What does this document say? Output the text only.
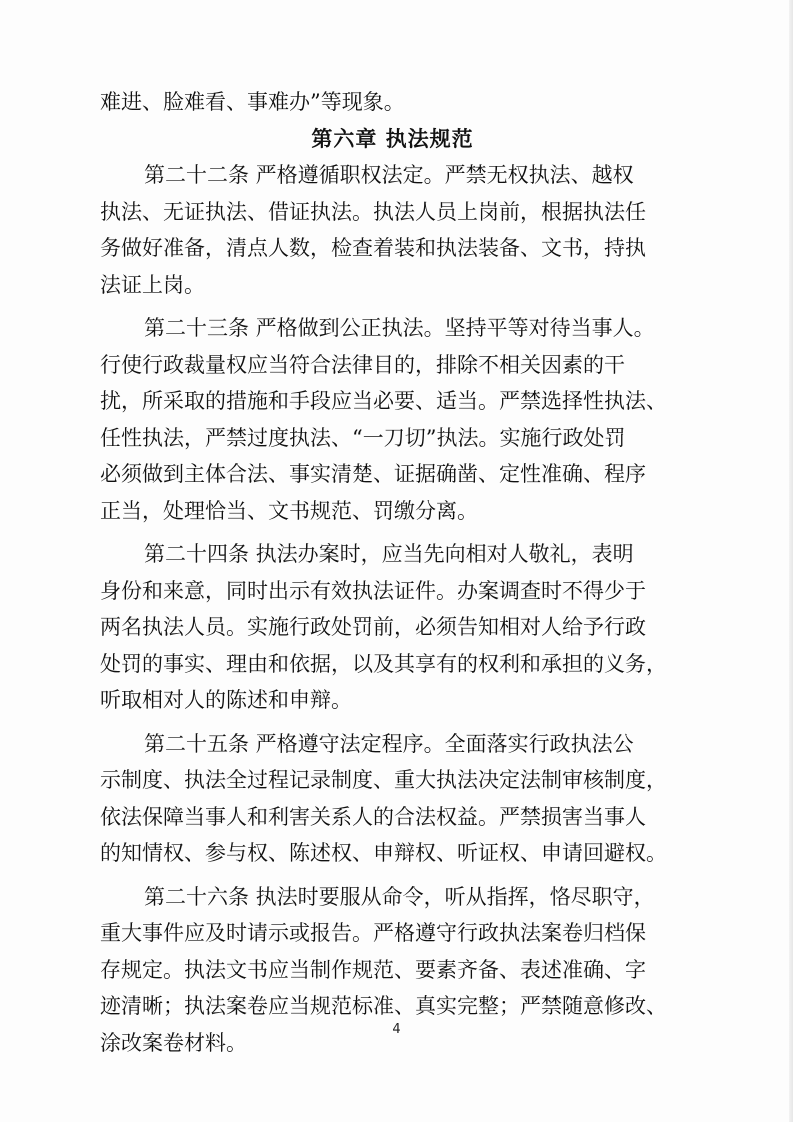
难进、脸难看、事难办”等现象。
第六章 执法规范
第二十二条 严格遵循职权法定。严禁无权执法、越权
执法、无证执法、借证执法。执法人员上岗前，根据执法任
务做好准备，清点人数，检查着装和执法装备、文书，持执
法证上岗。
第二十三条 严格做到公正执法。坚持平等对待当事人。
行使行政裁量权应当符合法律目的，排除不相关因素的干
扰，所采取的措施和手段应当必要、适当。严禁选择性执法、
任性执法，严禁过度执法、“一刀切”执法。实施行政处罚
必须做到主体合法、事实清楚、证据确凿、定性准确、程序
正当，处理恰当、文书规范、罚缴分离。
第二十四条 执法办案时，应当先向相对人敬礼，表明
身份和来意，同时出示有效执法证件。办案调查时不得少于
两名执法人员。实施行政处罚前，必须告知相对人给予行政
处罚的事实、理由和依据，以及其享有的权利和承担的义务，
听取相对人的陈述和申辩。
第二十五条 严格遵守法定程序。全面落实行政执法公
示制度、执法全过程记录制度、重大执法决定法制审核制度，
依法保障当事人和利害关系人的合法权益。严禁损害当事人
的知情权、参与权、陈述权、申辩权、听证权、申请回避权。
第二十六条 执法时要服从命令，听从指挥，恪尽职守，
重大事件应及时请示或报告。严格遵守行政执法案卷归档保
存规定。执法文书应当制作规范、要素齐备、表述准确、字
迹清晰；执法案卷应当规范标准、真实完整；严禁随意修改、
涂改案卷材料。
4
